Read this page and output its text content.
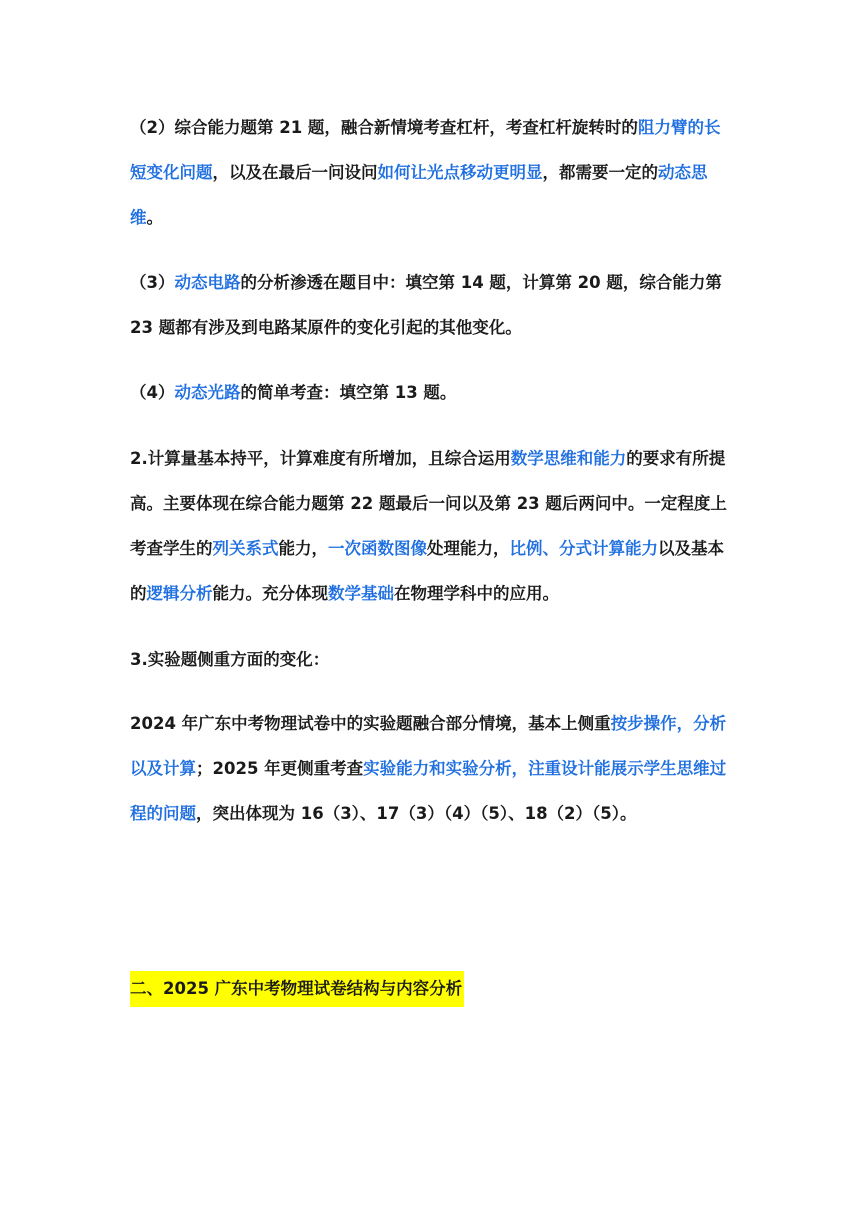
（2）综合能力题第 21 题，融合新情境考查杠杆，考查杠杆旋转时的阻力臂的长短变化问题，以及在最后一问设问如何让光点移动更明显，都需要一定的动态思维。

（3）动态电路的分析渗透在题目中：填空第 14 题，计算第 20 题，综合能力第 23 题都有涉及到电路某原件的变化引起的其他变化。

（4）动态光路的简单考查：填空第 13 题。

2.计算量基本持平，计算难度有所增加，且综合运用数学思维和能力的要求有所提高。主要体现在综合能力题第 22 题最后一问以及第 23 题后两问中。一定程度上考查学生的列关系式能力，一次函数图像处理能力，比例、分式计算能力以及基本的逻辑分析能力。充分体现数学基础在物理学科中的应用。

3.实验题侧重方面的变化：

2024 年广东中考物理试卷中的实验题融合部分情境，基本上侧重按步操作，分析以及计算；2025 年更侧重考查实验能力和实验分析，注重设计能展示学生思维过程的问题，突出体现为 16（3）、17（3）（4）（5）、18（2）（5）。

二、2025 广东中考物理试卷结构与内容分析
